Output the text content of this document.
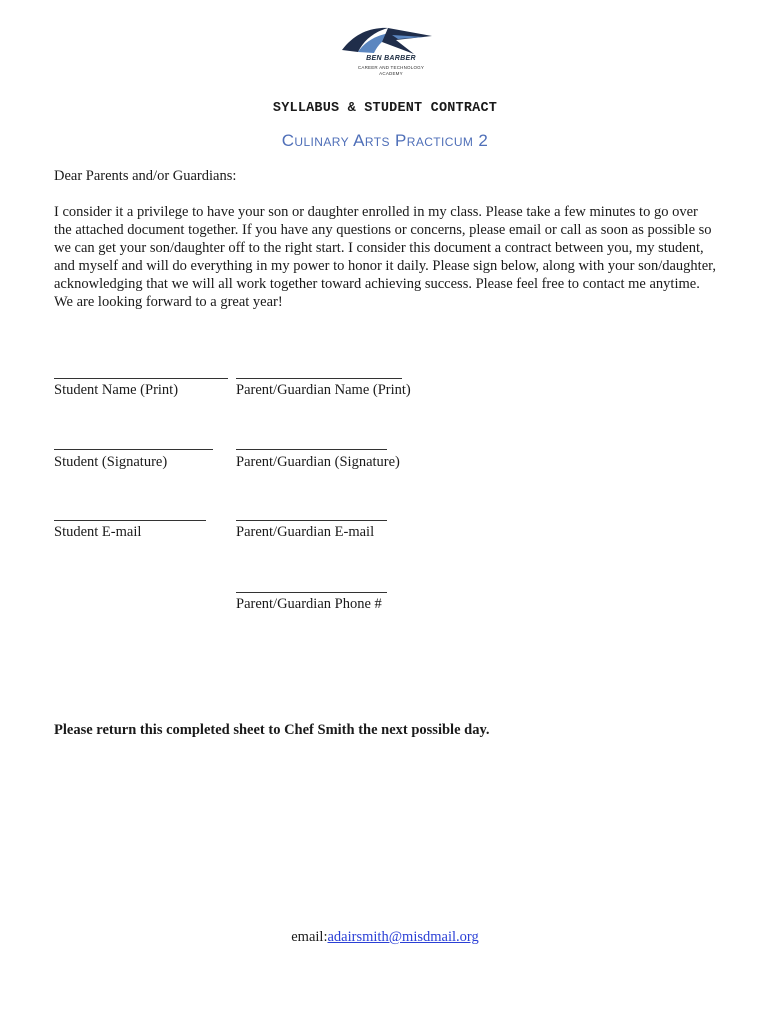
BEN BARBER
CAREER AND TECHNOLOGY
ACADEMY
SYLLABUS & STUDENT CONTRACT
Culinary Arts Practicum 2
Dear Parents and/or Guardians:
I consider it a privilege to have your son or daughter enrolled in my class. Please take a few minutes to go over the attached document together. If you have any questions or concerns, please email or call as soon as possible so we can get your son/daughter off to the right start. I consider this document a contract between you, my student, and myself and will do everything in my power to honor it daily. Please sign below, along with your son/daughter, acknowledging that we will all work together toward achieving success. Please feel free to contact me anytime. We are looking forward to a great year!
Student Name (Print)	Parent/Guardian Name (Print)
Student (Signature)	Parent/Guardian (Signature)
Student E-mail	Parent/Guardian E-mail
Parent/Guardian Phone #
Please return this completed sheet to Chef Smith the next possible day.
email:adairsmith@misdmail.org
